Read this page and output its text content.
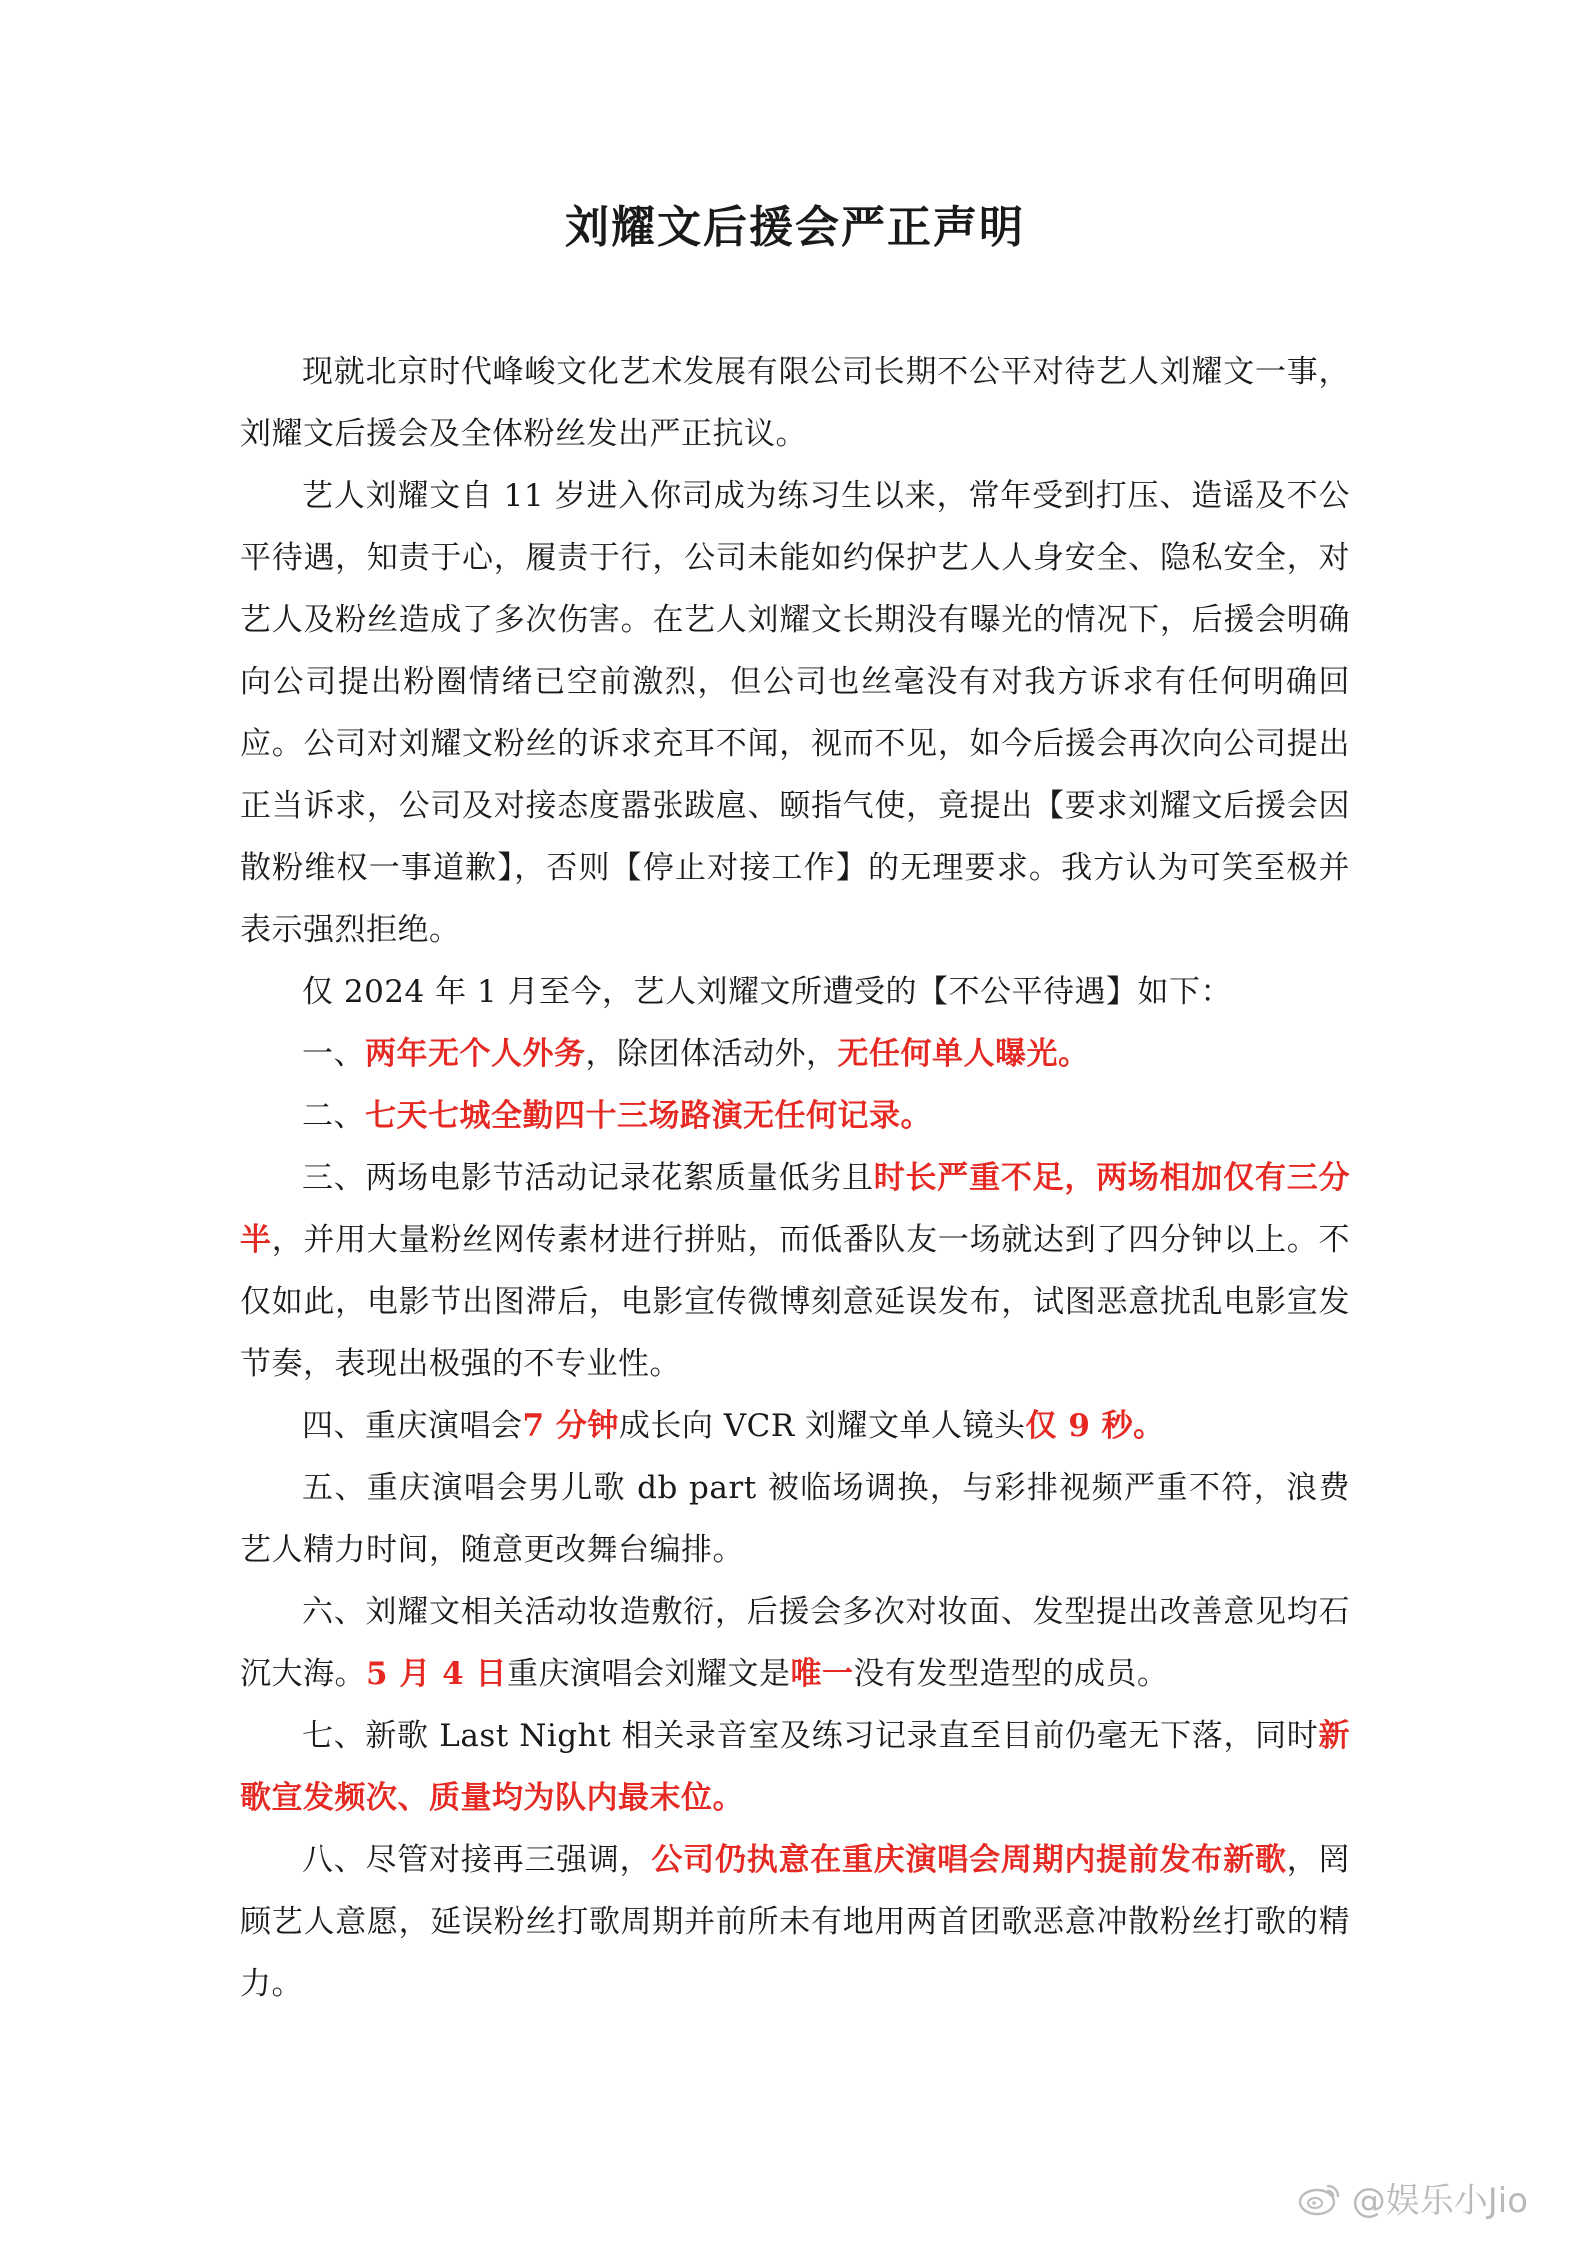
刘耀文后援会严正声明

现就北京时代峰峻文化艺术发展有限公司长期不公平对待艺人刘耀文一事，刘耀文后援会及全体粉丝发出严正抗议。

艺人刘耀文自 11 岁进入你司成为练习生以来，常年受到打压、造谣及不公平待遇，知责于心，履责于行，公司未能如约保护艺人人身安全、隐私安全，对艺人及粉丝造成了多次伤害。在艺人刘耀文长期没有曝光的情况下，后援会明确向公司提出粉圈情绪已空前激烈，但公司也丝毫没有对我方诉求有任何明确回应。公司对刘耀文粉丝的诉求充耳不闻，视而不见，如今后援会再次向公司提出正当诉求，公司及对接态度嚣张跋扈、颐指气使，竟提出【要求刘耀文后援会因散粉维权一事道歉】，否则【停止对接工作】的无理要求。我方认为可笑至极并表示强烈拒绝。

仅 2024 年 1 月至今，艺人刘耀文所遭受的【不公平待遇】如下：

一、两年无个人外务，除团体活动外，无任何单人曝光。

二、七天七城全勤四十三场路演无任何记录。

三、两场电影节活动记录花絮质量低劣且时长严重不足，两场相加仅有三分半，并用大量粉丝网传素材进行拼贴，而低番队友一场就达到了四分钟以上。不仅如此，电影节出图滞后，电影宣传微博刻意延误发布，试图恶意扰乱电影宣发节奏，表现出极强的不专业性。

四、重庆演唱会7 分钟成长向 VCR 刘耀文单人镜头仅 9 秒。

五、重庆演唱会男儿歌 db part 被临场调换，与彩排视频严重不符，浪费艺人精力时间，随意更改舞台编排。

六、刘耀文相关活动妆造敷衍，后援会多次对妆面、发型提出改善意见均石沉大海。5 月 4 日重庆演唱会刘耀文是唯一没有发型造型的成员。

七、新歌 Last Night 相关录音室及练习记录直至目前仍毫无下落，同时新歌宣发频次、质量均为队内最末位。

八、尽管对接再三强调，公司仍执意在重庆演唱会周期内提前发布新歌，罔顾艺人意愿，延误粉丝打歌周期并前所未有地用两首团歌恶意冲散粉丝打歌的精力。

@娱乐小Jio
